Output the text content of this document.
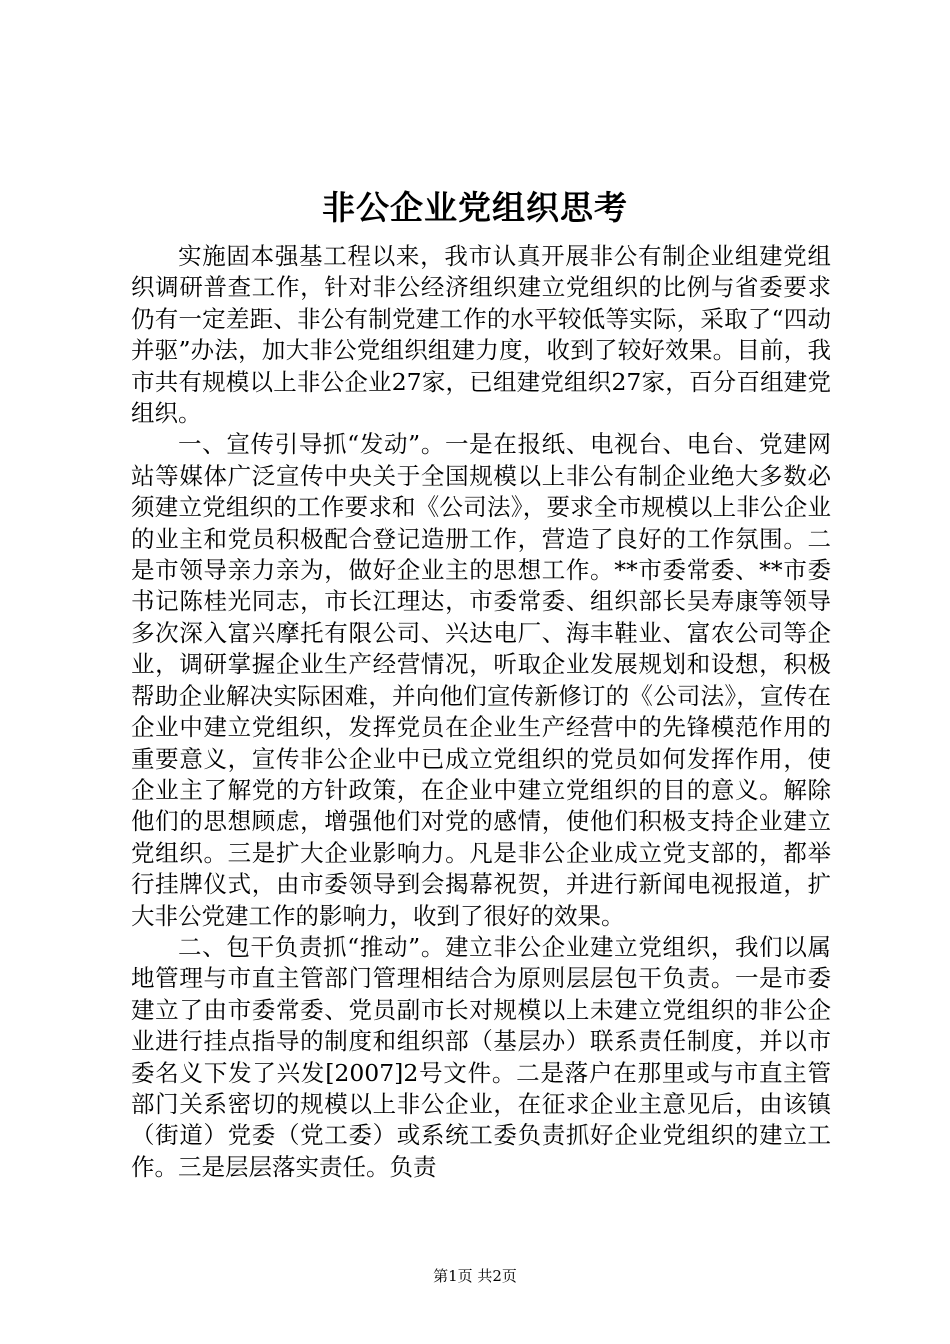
非公企业党组织思考

实施固本强基工程以来，我市认真开展非公有制企业组建党组织调研普查工作，针对非公经济组织建立党组织的比例与省委要求仍有一定差距、非公有制党建工作的水平较低等实际，采取了“四动并驱”办法，加大非公党组织组建力度，收到了较好效果。目前，我市共有规模以上非公企业27家，已组建党组织27家，百分百组建党组织。

一、宣传引导抓“发动”。一是在报纸、电视台、电台、党建网站等媒体广泛宣传中央关于全国规模以上非公有制企业绝大多数必须建立党组织的工作要求和《公司法》，要求全市规模以上非公企业的业主和党员积极配合登记造册工作，营造了良好的工作氛围。二是市领导亲力亲为，做好企业主的思想工作。**市委常委、**市委书记陈桂光同志，市长江理达，市委常委、组织部长吴寿康等领导多次深入富兴摩托有限公司、兴达电厂、海丰鞋业、富农公司等企业，调研掌握企业生产经营情况，听取企业发展规划和设想，积极帮助企业解决实际困难，并向他们宣传新修订的《公司法》，宣传在企业中建立党组织，发挥党员在企业生产经营中的先锋模范作用的重要意义，宣传非公企业中已成立党组织的党员如何发挥作用，使企业主了解党的方针政策，在企业中建立党组织的目的意义。解除他们的思想顾虑，增强他们对党的感情，使他们积极支持企业建立党组织。三是扩大企业影响力。凡是非公企业成立党支部的，都举行挂牌仪式，由市委领导到会揭幕祝贺，并进行新闻电视报道，扩大非公党建工作的影响力，收到了很好的效果。

二、包干负责抓“推动”。建立非公企业建立党组织，我们以属地管理与市直主管部门管理相结合为原则层层包干负责。一是市委建立了由市委常委、党员副市长对规模以上未建立党组织的非公企业进行挂点指导的制度和组织部（基层办）联系责任制度，并以市委名义下发了兴发[2007]2号文件。二是落户在那里或与市直主管部门关系密切的规模以上非公企业，在征求企业主意见后，由该镇（街道）党委（党工委）或系统工委负责抓好企业党组织的建立工作。三是层层落实责任。负责

第1页 共2页
